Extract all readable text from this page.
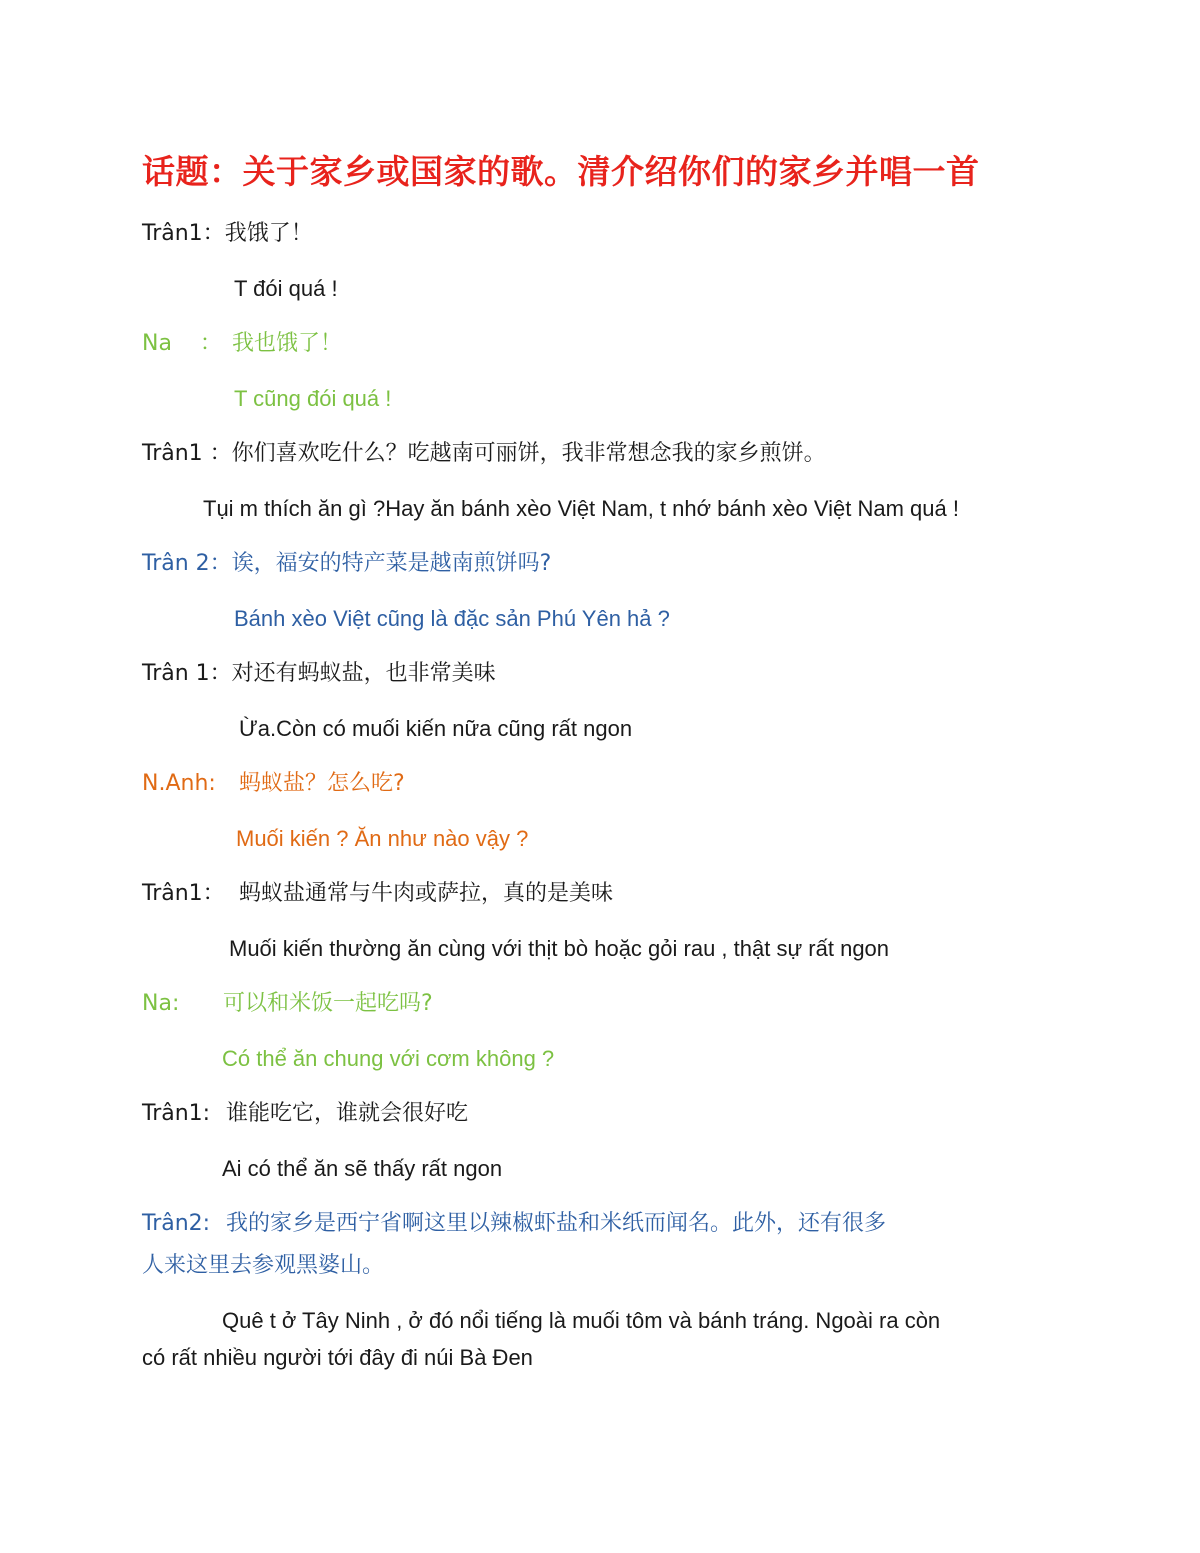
话题：关于家乡或国家的歌。清介绍你们的家乡并唱一首
Trân1：我饿了！
T đói quá !
Na    ： 我也饿了！
T cũng đói quá !
Trân1 ：你们喜欢吃什么？吃越南可丽饼，我非常想念我的家乡煎饼。
Tụi m thích ăn gì ?Hay ăn bánh xèo Việt Nam, t nhớ bánh xèo Việt Nam quá !
Trân 2：诶，福安的特产菜是越南煎饼吗?
Bánh xèo Việt cũng là đặc sản Phú Yên hả ?
Trân 1：对还有蚂蚁盐，也非常美味
Ừa.Còn có muối kiến nữa cũng rất ngon
N.Anh: 蚂蚁盐？怎么吃?
Muối kiến ? Ăn như nào vậy ?
Trân1： 蚂蚁盐通常与牛肉或萨拉，真的是美味
Muối kiến thường ăn cùng với thịt bò hoặc gỏi rau , thật sự rất ngon
Na: 可以和米饭一起吃吗?
Có thể ăn chung với cơm không ?
Trân1: 谁能吃它，谁就会很好吃
Ai có thể ăn sẽ thấy rất ngon
Trân2: 我的家乡是西宁省啊这里以辣椒虾盐和米纸而闻名。此外，还有很多
人来这里去参观黑婆山。
Quê t ở Tây Ninh , ở đó nổi tiếng là muối tôm và bánh tráng. Ngoài ra còn
có rất nhiều người tới đây đi núi Bà Đen
